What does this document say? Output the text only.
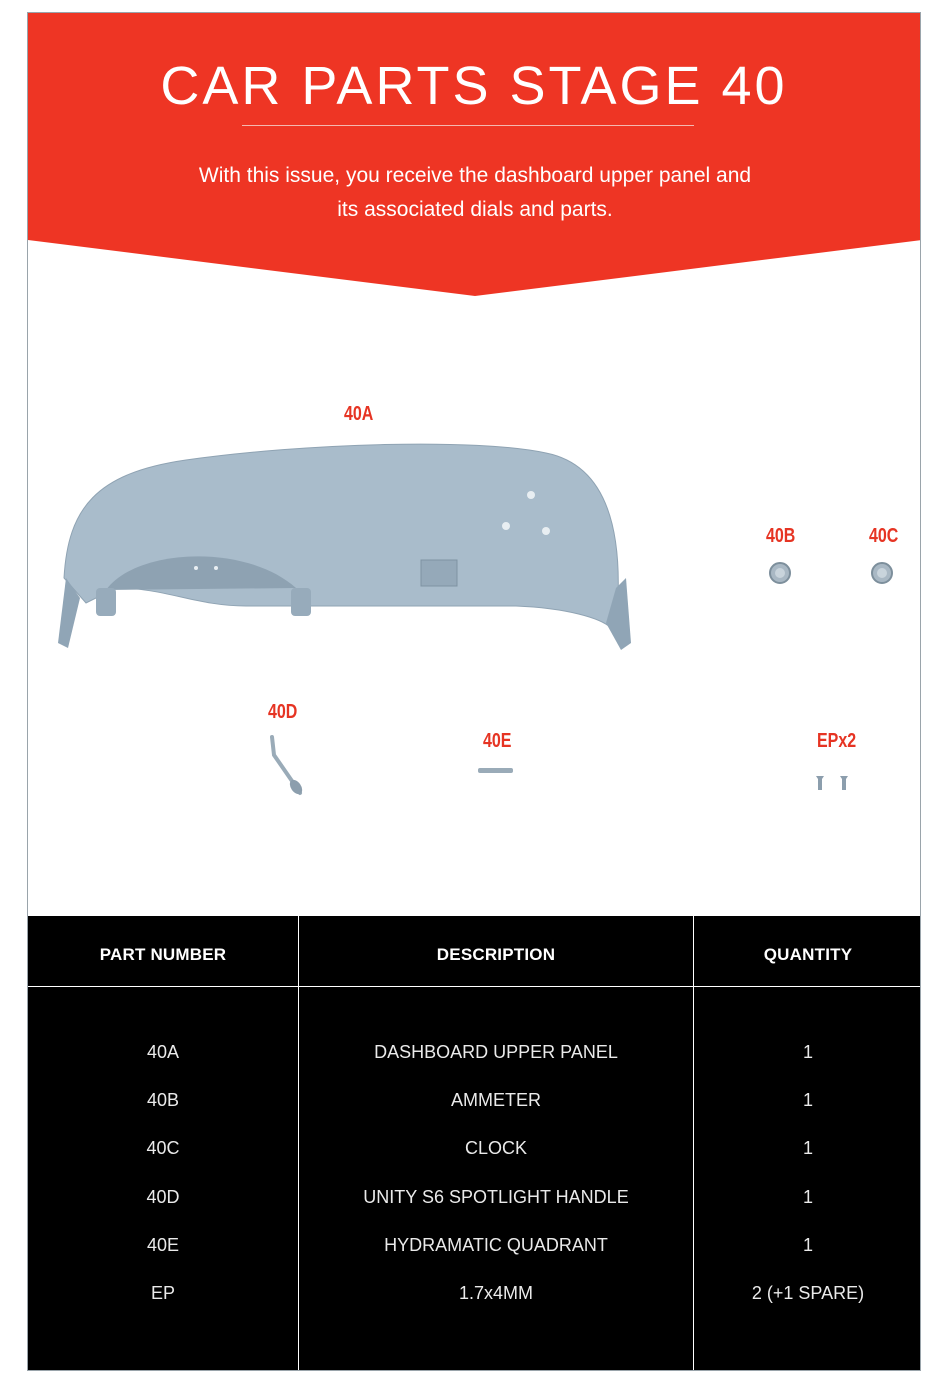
CAR PARTS STAGE 40
With this issue, you receive the dashboard upper panel and
its associated dials and parts.
40A
40B	40C
40D
40E	EPx2
PART NUMBER	DESCRIPTION	QUANTITY
40A	DASHBOARD UPPER PANEL	1
40B	AMMETER	1
40C	CLOCK	1
40D	UNITY S6 SPOTLIGHT HANDLE	1
40E	HYDRAMATIC QUADRANT	1
EP	1.7x4MM	2 (+1 SPARE)
